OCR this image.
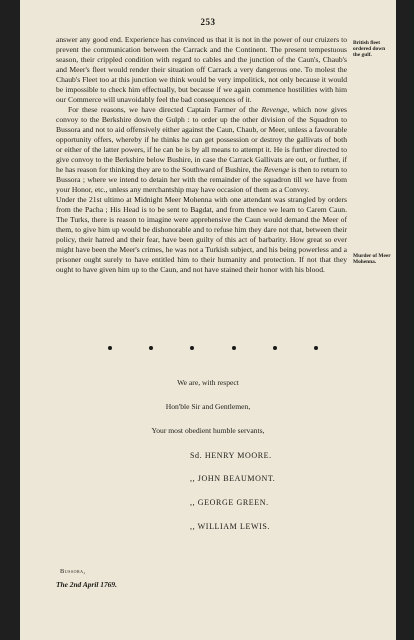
253

answer any good end. Experience has convinced us that it is not in the power of our cruizers to prevent the communication between the Carrack and the Continent. The present tempestuous season, their crippled condition with regard to cables and the junction of the Caun's, Chaub's and Meer's fleet would render their situation off Carrack a very dangerous one. To molest the Chaub's Fleet too at this junction we think would be very impolitick, not only because it would be impossible to check him effectually, but because if we again commence hostilities with him our Commerce will unavoidably feel the bad consequences of it.

For these reasons, we have directed Captain Farmer of the Revenge, which now gives convoy to the Berkshire down the Gulph : to order up the other division of the Squadron to Bussora and not to aid offensively either against the Caun, Chaub, or Meer, unless a favourable opportunity offers, whereby if he thinks he can get possession or destroy the gallivats of both or either of the latter powers, if he can be is by all means to attempt it. He is further directed to give convoy to the Berkshire below Bushire, in case the Carrack Gallivats are out, or further, if he has reason for thinking they are to the Southward of Bushire, the Revenge is then to return to Bussora ; where we intend to detain her with the remainder of the squadron till we have from your Honor, etc., unless any merchantship may have occasion of them as a Convey.

Under the 21st ultimo at Midnight Meer Mohenna with one attendant was strangled by orders from the Pacha ; His Head is to be sent to Bagdat, and from thence we learn to Carem Caun. The Turks, there is reason to imagine were apprehensive the Caun would demand the Meer of them, to give him up would be dishonorable and to refuse him they dare not that, between their policy, their hatred and their fear, have been guilty of this act of barbarity. How great so ever might have been the Meer's crimes, he was not a Turkish subject, and his being powerless and a prisoner ought surely to have entitled him to their humanity and protection. If not that they ought to have given him up to the Caun, and not have stained their honor with his blood.

British fleet ordered down the gulf.
Murder of Meer Mohenna.
We are, with respect
Hon'ble Sir and Gentlemen,
Your most obedient humble servants,
Sd. HENRY MOORE.
,, JOHN BEAUMONT.
,, GEORGE GREEN.
,, WILLIAM LEWIS.
Bussora,
The 2nd April 1769.
